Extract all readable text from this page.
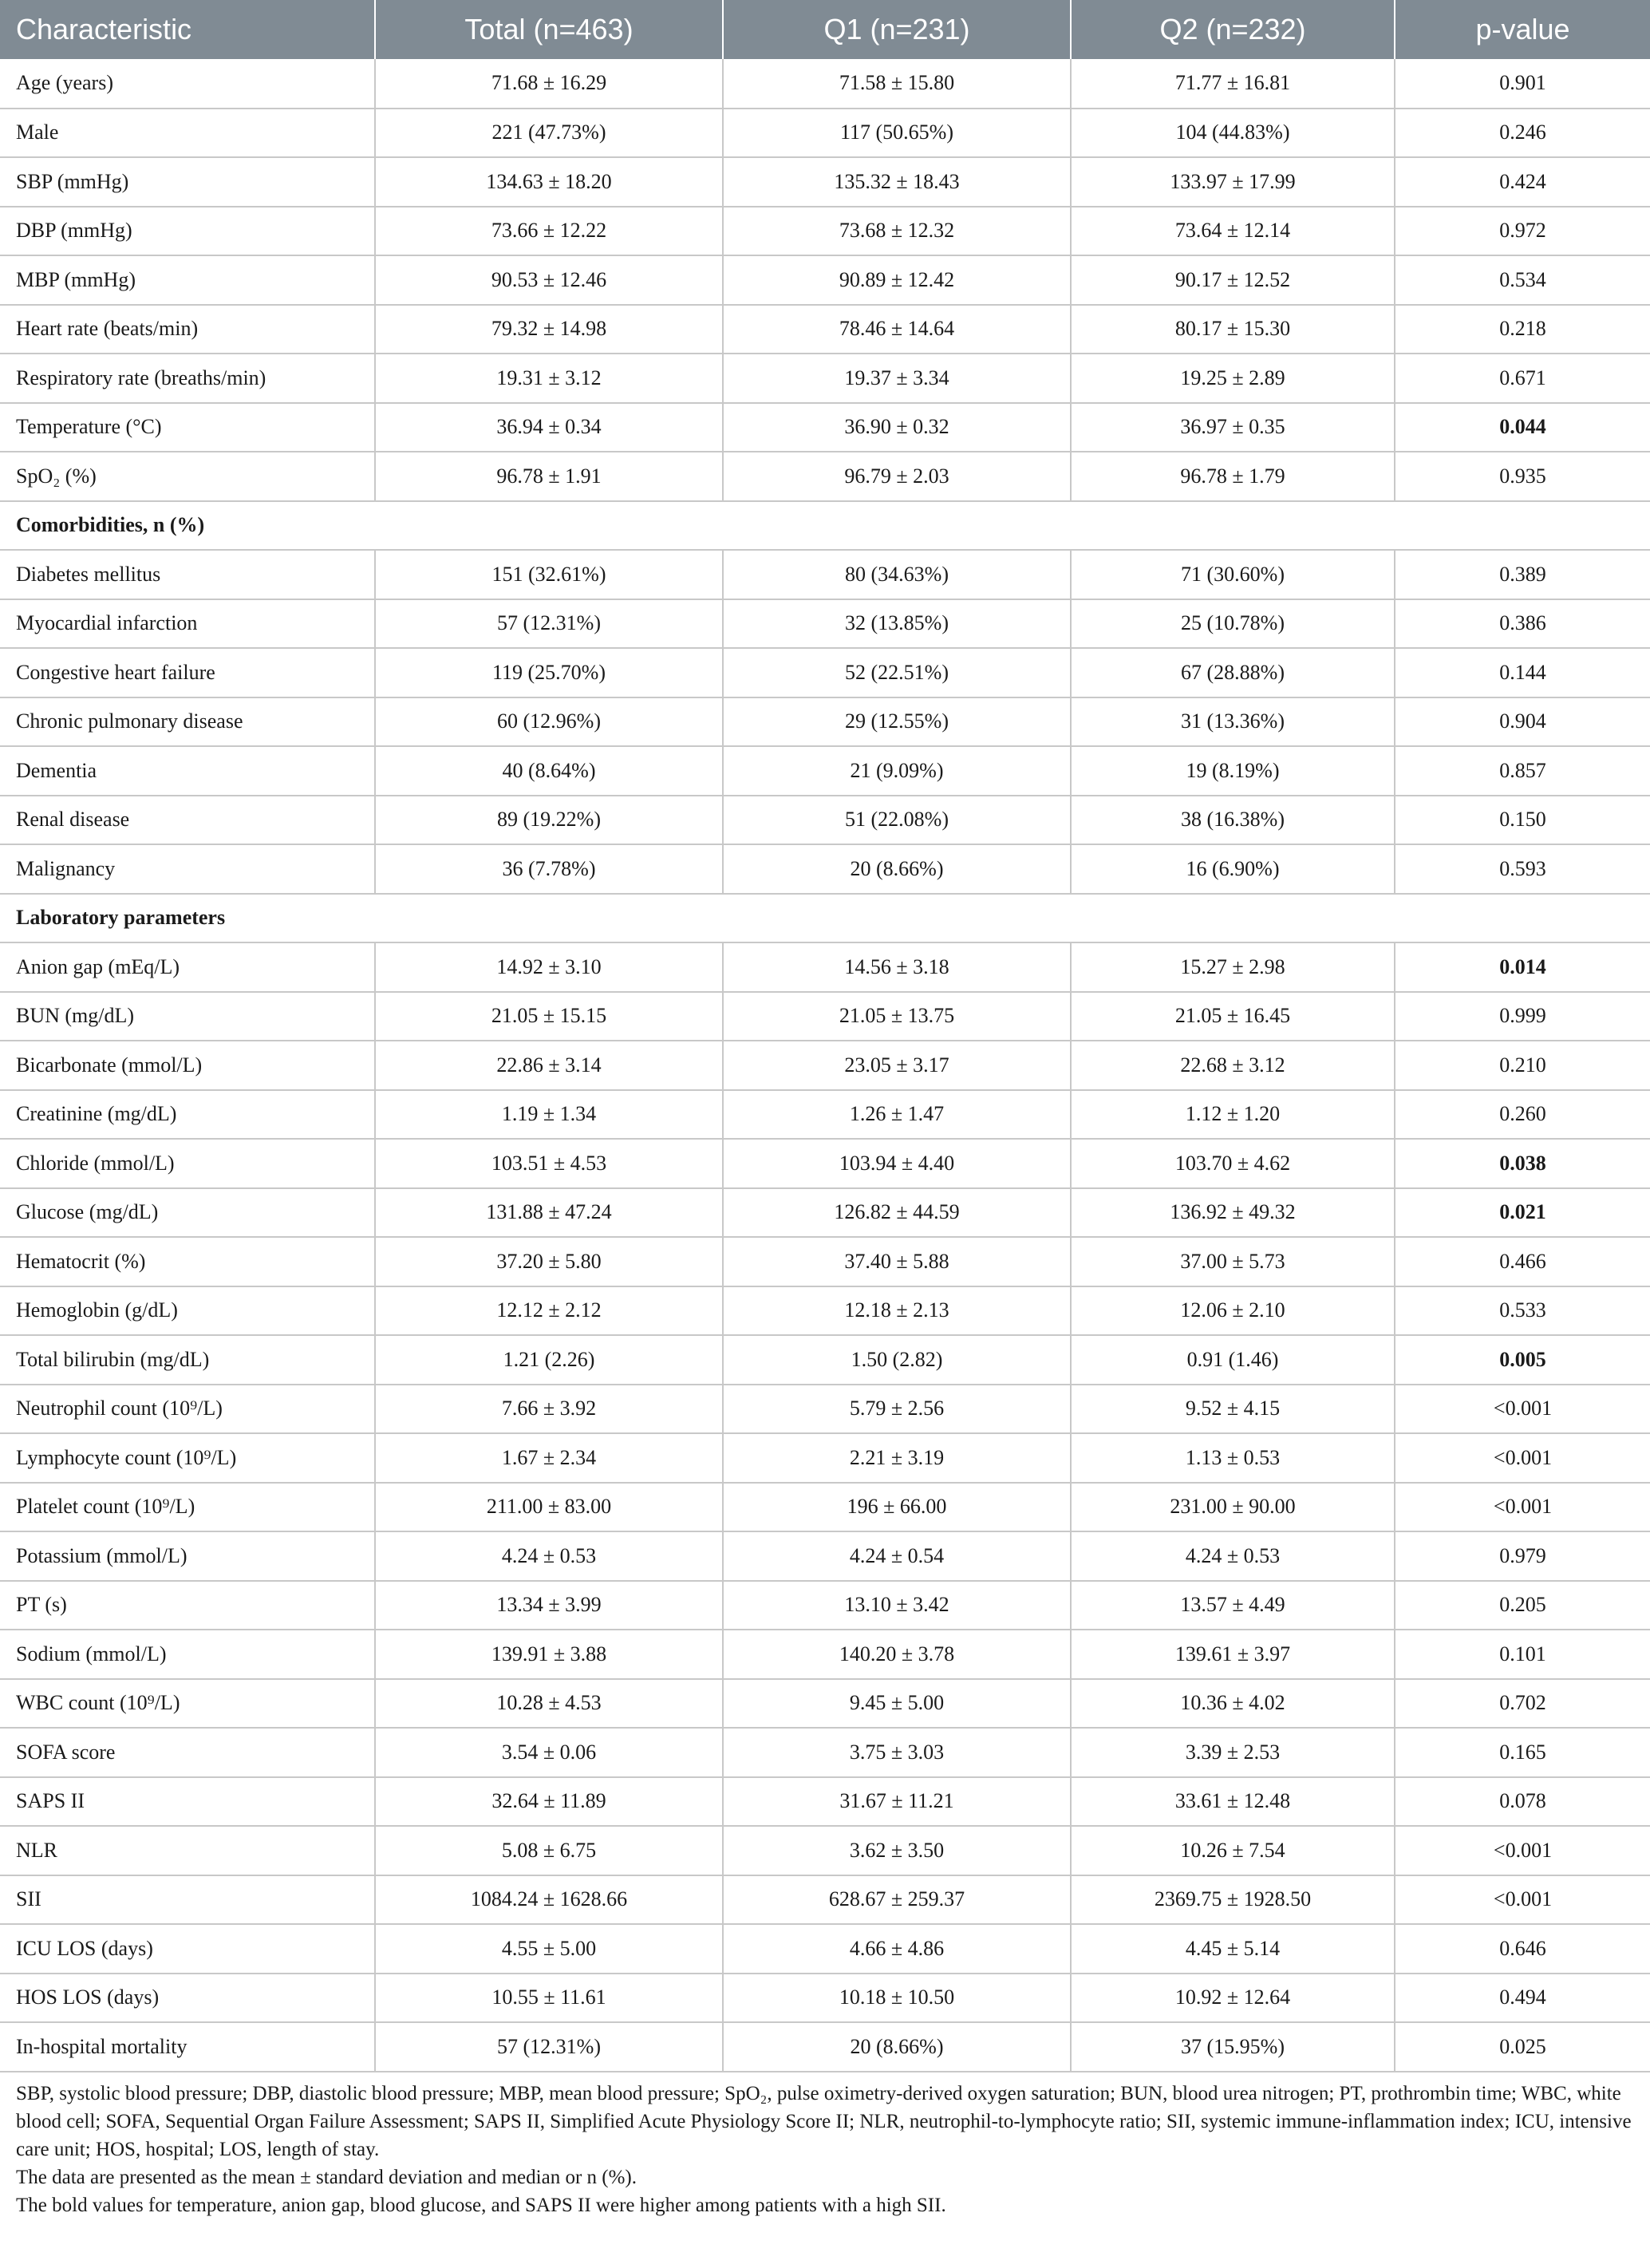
Characteristic	Total (n=463)	Q1 (n=231)	Q2 (n=232)	p-value
Age (years)	71.68 ± 16.29	71.58 ± 15.80	71.77 ± 16.81	0.901
Male	221 (47.73%)	117 (50.65%)	104 (44.83%)	0.246
SBP (mmHg)	134.63 ± 18.20	135.32 ± 18.43	133.97 ± 17.99	0.424
DBP (mmHg)	73.66 ± 12.22	73.68 ± 12.32	73.64 ± 12.14	0.972
MBP (mmHg)	90.53 ± 12.46	90.89 ± 12.42	90.17 ± 12.52	0.534
Heart rate (beats/min)	79.32 ± 14.98	78.46 ± 14.64	80.17 ± 15.30	0.218
Respiratory rate (breaths/min)	19.31 ± 3.12	19.37 ± 3.34	19.25 ± 2.89	0.671
Temperature (°C)	36.94 ± 0.34	36.90 ± 0.32	36.97 ± 0.35	0.044
SpO₂ (%)	96.78 ± 1.91	96.79 ± 2.03	96.78 ± 1.79	0.935
Comorbidities, n (%)				
Diabetes mellitus	151 (32.61%)	80 (34.63%)	71 (30.60%)	0.389
Myocardial infarction	57 (12.31%)	32 (13.85%)	25 (10.78%)	0.386
Congestive heart failure	119 (25.70%)	52 (22.51%)	67 (28.88%)	0.144
Chronic pulmonary disease	60 (12.96%)	29 (12.55%)	31 (13.36%)	0.904
Dementia	40 (8.64%)	21 (9.09%)	19 (8.19%)	0.857
Renal disease	89 (19.22%)	51 (22.08%)	38 (16.38%)	0.150
Malignancy	36 (7.78%)	20 (8.66%)	16 (6.90%)	0.593
Laboratory parameters				
Anion gap (mEq/L)	14.92 ± 3.10	14.56 ± 3.18	15.27 ± 2.98	0.014
BUN (mg/dL)	21.05 ± 15.15	21.05 ± 13.75	21.05 ± 16.45	0.999
Bicarbonate (mmol/L)	22.86 ± 3.14	23.05 ± 3.17	22.68 ± 3.12	0.210
Creatinine (mg/dL)	1.19 ± 1.34	1.26 ± 1.47	1.12 ± 1.20	0.260
Chloride (mmol/L)	103.51 ± 4.53	103.94 ± 4.40	103.70 ± 4.62	0.038
Glucose (mg/dL)	131.88 ± 47.24	126.82 ± 44.59	136.92 ± 49.32	0.021
Hematocrit (%)	37.20 ± 5.80	37.40 ± 5.88	37.00 ± 5.73	0.466
Hemoglobin (g/dL)	12.12 ± 2.12	12.18 ± 2.13	12.06 ± 2.10	0.533
Total bilirubin (mg/dL)	1.21 (2.26)	1.50 (2.82)	0.91 (1.46)	0.005
Neutrophil count (10⁹/L)	7.66 ± 3.92	5.79 ± 2.56	9.52 ± 4.15	<0.001
Lymphocyte count (10⁹/L)	1.67 ± 2.34	2.21 ± 3.19	1.13 ± 0.53	<0.001
Platelet count (10⁹/L)	211.00 ± 83.00	196 ± 66.00	231.00 ± 90.00	<0.001
Potassium (mmol/L)	4.24 ± 0.53	4.24 ± 0.54	4.24 ± 0.53	0.979
PT (s)	13.34 ± 3.99	13.10 ± 3.42	13.57 ± 4.49	0.205
Sodium (mmol/L)	139.91 ± 3.88	140.20 ± 3.78	139.61 ± 3.97	0.101
WBC count (10⁹/L)	10.28 ± 4.53	9.45 ± 5.00	10.36 ± 4.02	0.702
SOFA score	3.54 ± 0.06	3.75 ± 3.03	3.39 ± 2.53	0.165
SAPS II	32.64 ± 11.89	31.67 ± 11.21	33.61 ± 12.48	0.078
NLR	5.08 ± 6.75	3.62 ± 3.50	10.26 ± 7.54	<0.001
SII	1084.24 ± 1628.66	628.67 ± 259.37	2369.75 ± 1928.50	<0.001
ICU LOS (days)	4.55 ± 5.00	4.66 ± 4.86	4.45 ± 5.14	0.646
HOS LOS (days)	10.55 ± 11.61	10.18 ± 10.50	10.92 ± 12.64	0.494
In-hospital mortality	57 (12.31%)	20 (8.66%)	37 (15.95%)	0.025

SBP, systolic blood pressure; DBP, diastolic blood pressure; MBP, mean blood pressure; SpO₂, pulse oximetry-derived oxygen saturation; BUN, blood urea nitrogen; PT, prothrombin time; WBC, white blood cell; SOFA, Sequential Organ Failure Assessment; SAPS II, Simplified Acute Physiology Score II; NLR, neutrophil-to-lymphocyte ratio; SII, systemic immune-inflammation index; ICU, intensive care unit; HOS, hospital; LOS, length of stay.

The data are presented as the mean ± standard deviation and median or n (%).

The bold values for temperature, anion gap, blood glucose, and SAPS II were higher among patients with a high SII.
